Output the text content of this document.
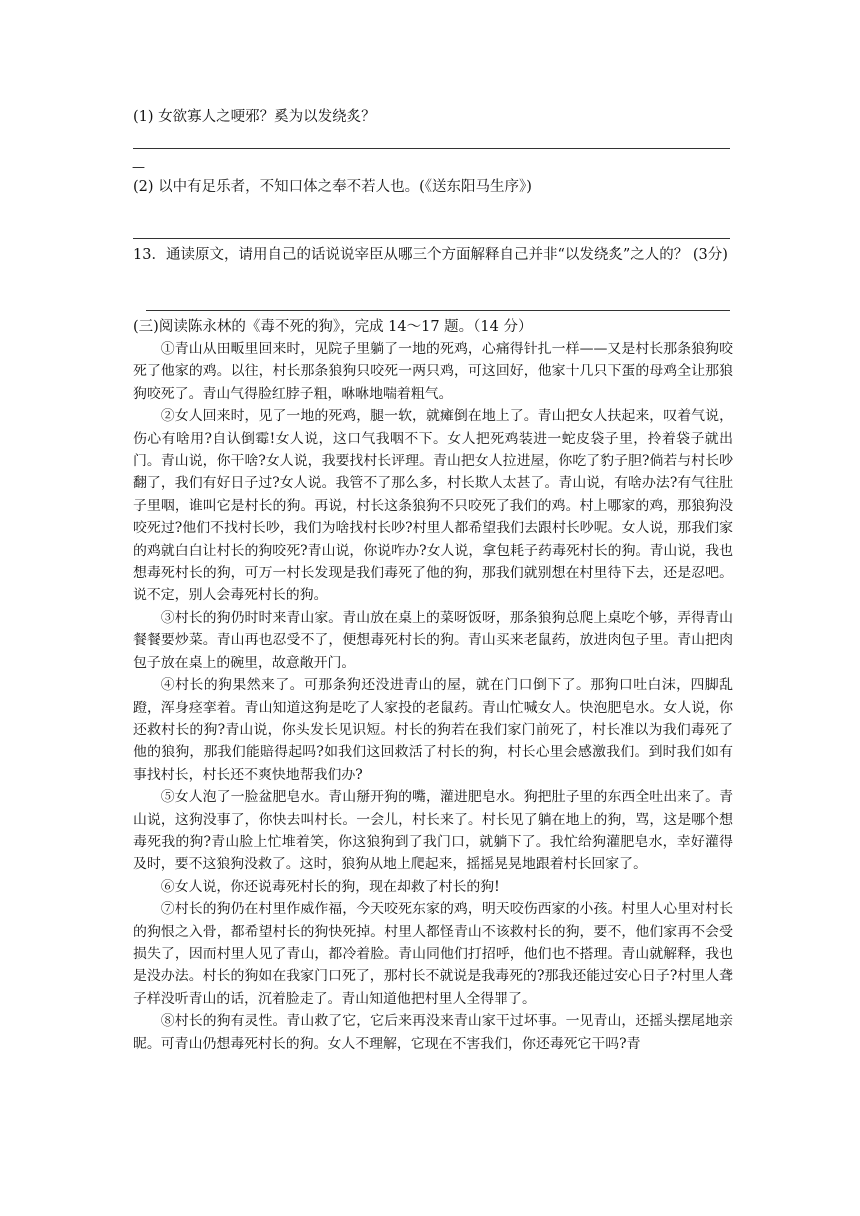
(1) 女欲寡人之哽邪？奚为以发绕炙？
—
(2) 以中有足乐者，不知口体之奉不若人也。(《送东阳马生序》)
13．通读原文，请用自己的话说说宰臣从哪三个方面解释自己并非“以发绕炙”之人的？ (3分)
(三)阅读陈永林的《毒不死的狗》，完成 14～17 题。（14 分）

①青山从田畈里回来时，见院子里躺了一地的死鸡，心痛得针扎一样——又是村长那条狼狗咬死了他家的鸡。以往，村长那条狼狗只咬死一两只鸡，可这回好，他家十几只下蛋的母鸡全让那狼狗咬死了。青山气得脸红脖子粗，咻咻地喘着粗气。

②女人回来时，见了一地的死鸡，腿一软，就瘫倒在地上了。青山把女人扶起来，叹着气说，伤心有啥用?自认倒霉!女人说，这口气我咽不下。女人把死鸡装进一蛇皮袋子里，拎着袋子就出门。青山说，你干啥?女人说，我要找村长评理。青山把女人拉进屋，你吃了豹子胆?倘若与村长吵翻了，我们有好日子过?女人说。我管不了那么多，村长欺人太甚了。青山说，有啥办法?有气往肚子里咽，谁叫它是村长的狗。再说，村长这条狼狗不只咬死了我们的鸡。村上哪家的鸡，那狼狗没咬死过?他们不找村长吵，我们为啥找村长吵?村里人都希望我们去跟村长吵呢。女人说，那我们家的鸡就白白让村长的狗咬死?青山说，你说咋办?女人说，拿包耗子药毒死村长的狗。青山说，我也想毒死村长的狗，可万一村长发现是我们毒死了他的狗，那我们就别想在村里待下去，还是忍吧。说不定，别人会毒死村长的狗。

③村长的狗仍时时来青山家。青山放在桌上的菜呀饭呀，那条狼狗总爬上桌吃个够，弄得青山餐餐要炒菜。青山再也忍受不了，便想毒死村长的狗。青山买来老鼠药，放进肉包子里。青山把肉包子放在桌上的碗里，故意敞开门。

④村长的狗果然来了。可那条狗还没进青山的屋，就在门口倒下了。那狗口吐白沫，四脚乱蹬，浑身痉挛着。青山知道这狗是吃了人家投的老鼠药。青山忙喊女人。快泡肥皂水。女人说，你还救村长的狗?青山说，你头发长见识短。村长的狗若在我们家门前死了，村长准以为我们毒死了他的狼狗，那我们能賠得起吗?如我们这回救活了村长的狗，村长心里会感激我们。到时我们如有事找村长，村长还不爽快地帮我们办?

⑤女人泡了一脸盆肥皂水。青山掰开狗的嘴，灌进肥皂水。狗把肚子里的东西全吐出来了。青山说，这狗没事了，你快去叫村长。一会儿，村长来了。村长见了躺在地上的狗，骂，这是哪个想毒死我的狗?青山脸上忙堆着笑，你这狼狗到了我门口，就躺下了。我忙给狗灌肥皂水，幸好灌得及时，要不这狼狗没救了。这时，狼狗从地上爬起来，摇摇晃晃地跟着村长回家了。

⑥女人说，你还说毒死村长的狗，现在却救了村长的狗!

⑦村长的狗仍在村里作威作福，今天咬死东家的鸡，明天咬伤西家的小孩。村里人心里对村长的狗恨之入骨，都希望村长的狗快死掉。村里人都怪青山不该救村长的狗，要不，他们家再不会受损失了，因而村里人见了青山，都冷着脸。青山同他们打招呼，他们也不搭理。青山就解释，我也是没办法。村长的狗如在我家门口死了，那村长不就说是我毒死的?那我还能过安心日子?村里人聋子样没听青山的话，沉着脸走了。青山知道他把村里人全得罪了。

⑧村长的狗有灵性。青山救了它，它后来再没来青山家干过坏事。一见青山，还摇头摆尾地亲昵。可青山仍想毒死村长的狗。女人不理解，它现在不害我们，你还毒死它干吗?青
